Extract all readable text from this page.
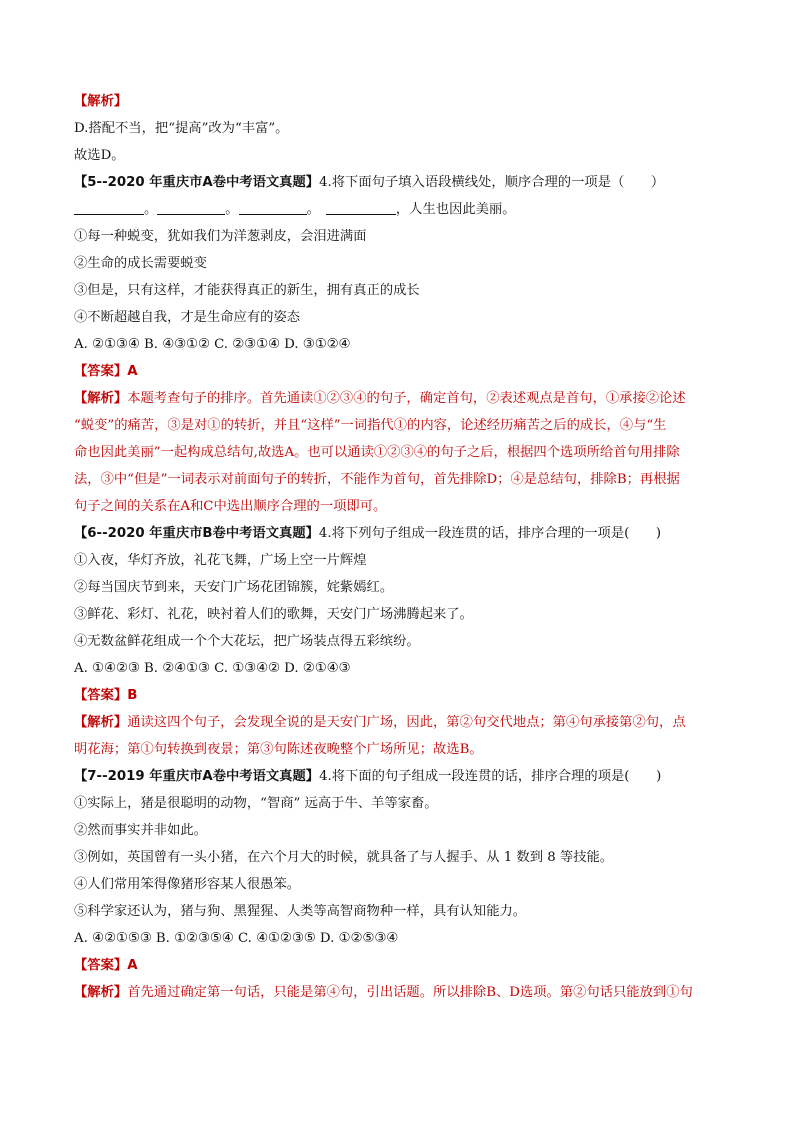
【解析】

D.搭配不当，把“提高”改为“丰富”。

故选D。

【5--2020 年重庆市A卷中考语文真题】4.将下面句子填入语段横线处，顺序合理的一项是（　　）

。	。	。	，人生也因此美丽。

①每一种蜕变，犹如我们为洋葱剥皮，会泪进满面

②生命的成长需要蜕变

③但是，只有这样，才能获得真正的新生，拥有真正的成长

④不断超越自我，才是生命应有的姿态

A. ②①③④ B. ④③①② C. ②③①④ D. ③①②④

【答案】A

【解析】本题考查句子的排序。首先通读①②③④的句子，确定首句，②表述观点是首句，①承接②论述

“蜕变”的痛苦，③是对①的转折，并且“这样”一词指代①的内容，论述经历痛苦之后的成长，④与“生

命也因此美丽”一起构成总结句,故选A。也可以通读①②③④的句子之后，根据四个选项所给首句用排除

法，③中“但是”一词表示对前面句子的转折，不能作为首句，首先排除D；④是总结句，排除B；再根据

句子之间的关系在A和C中选出顺序合理的一项即可。

【6--2020 年重庆市B卷中考语文真题】4.将下列句子组成一段连贯的话，排序合理的一项是(　　)

①入夜，华灯齐放，礼花飞舞，广场上空一片辉煌

②每当国庆节到来，天安门广场花团锦簇，姹紫嫣红。

③鲜花、彩灯、礼花，映衬着人们的歌舞，天安门广场沸腾起来了。

④无数盆鲜花组成一个个大花坛，把广场装点得五彩缤纷。

A. ①④②③ B. ②④①③ C. ①③④② D. ②①④③

【答案】B

【解析】通读这四个句子，会发现全说的是天安门广场，因此，第②句交代地点；第④句承接第②句，点

明花海；第①句转换到夜景；第③句陈述夜晚整个广场所见；故选B。

【7--2019 年重庆市A卷中考语文真题】4.将下面的句子组成一段连贯的话，排序合理的项是(　　)

①实际上，猪是很聪明的动物，“智商” 远高于牛、羊等家畜。

②然而事实并非如此。

③例如，英国曾有一头小猪，在六个月大的时候，就具备了与人握手、从 1 数到 8 等技能。

④人们常用笨得像猪形容某人很愚笨。

⑤科学家还认为，猪与狗、黑猩猩、人类等高智商物种一样，具有认知能力。

A. ④②①⑤③ B. ①②③⑤④ C. ④①②③⑤ D. ①②⑤③④

【答案】A

【解析】首先通过确定第一句话，只能是第④句，引出话题。所以排除B、D选项。第②句话只能放到①句
